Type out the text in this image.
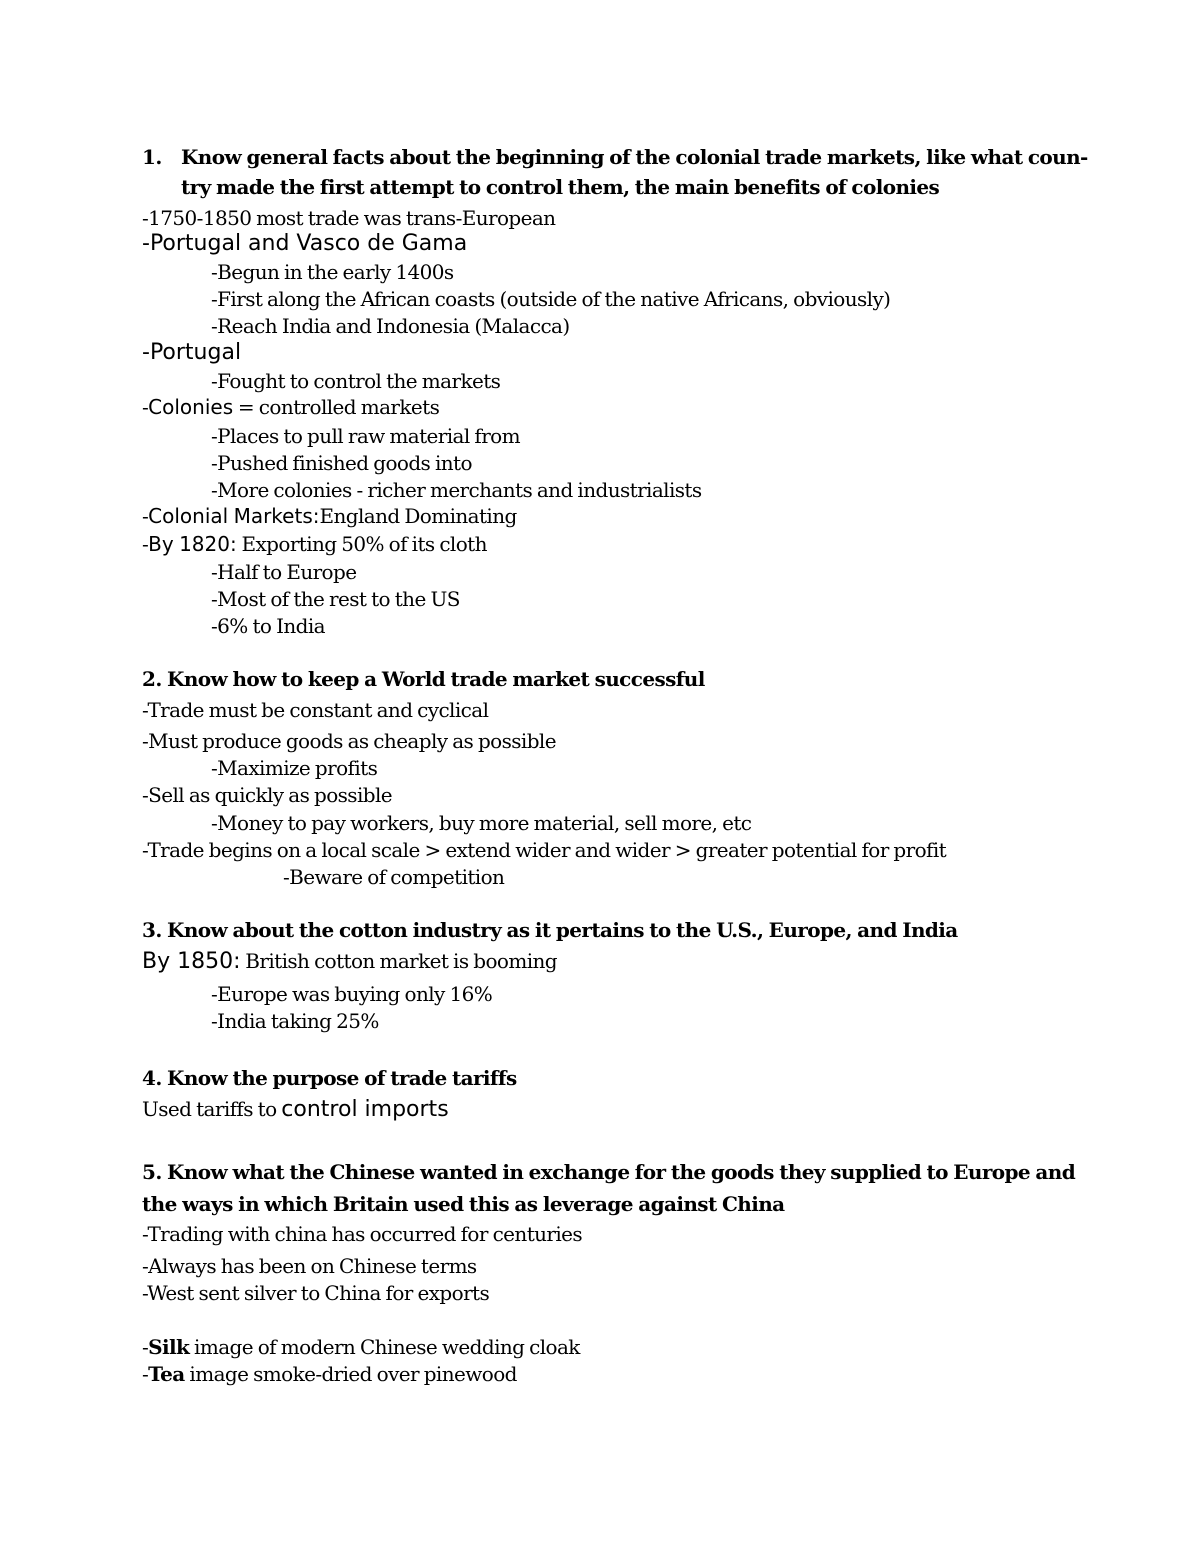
1. Know general facts about the beginning of the colonial trade markets, like what coun-
try made the first attempt to control them, the main benefits of colonies
-1750-1850 most trade was trans-European
-Portugal and Vasco de Gama
-Begun in the early 1400s
-First along the African coasts (outside of the native Africans, obviously)
-Reach India and Indonesia (Malacca)
-Portugal
-Fought to control the markets
-Colonies = controlled markets
-Places to pull raw material from
-Pushed finished goods into
-More colonies - richer merchants and industrialists
-Colonial Markets:England Dominating
-By 1820: Exporting 50% of its cloth
-Half to Europe
-Most of the rest to the US
-6% to India
2. Know how to keep a World trade market successful
-Trade must be constant and cyclical
-Must produce goods as cheaply as possible
-Maximize profits
-Sell as quickly as possible
-Money to pay workers, buy more material, sell more, etc
-Trade begins on a local scale > extend wider and wider > greater potential for profit
-Beware of competition
3. Know about the cotton industry as it pertains to the U.S., Europe, and India
By 1850: British cotton market is booming
-Europe was buying only 16%
-India taking 25%
4. Know the purpose of trade tariffs
Used tariffs to control imports
5. Know what the Chinese wanted in exchange for the goods they supplied to Europe and
the ways in which Britain used this as leverage against China
-Trading with china has occurred for centuries
-Always has been on Chinese terms
-West sent silver to China for exports
-Silk image of modern Chinese wedding cloak
-Tea image smoke-dried over pinewood
